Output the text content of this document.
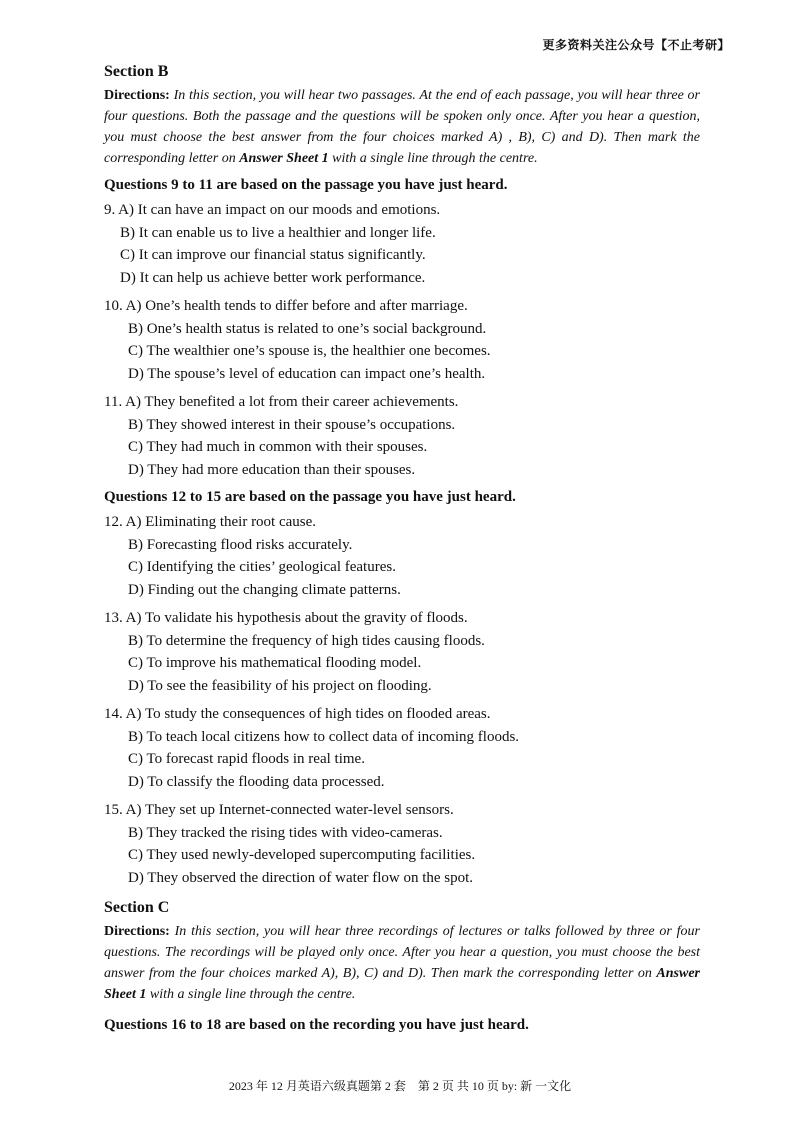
更多资料关注公众号【不止考研】
Section B

Directions: In this section, you will hear two passages. At the end of each passage, you will hear three or four questions. Both the passage and the questions will be spoken only once. After you hear a question, you must choose the best answer from the four choices marked A) , B), C) and D). Then mark the corresponding letter on Answer Sheet 1 with a single line through the centre.

Questions 9 to 11 are based on the passage you have just heard.
9. A) It can have an impact on our moods and emotions.
B) It can enable us to live a healthier and longer life.
C) It can improve our financial status significantly.
D) It can help us achieve better work performance.
10. A) One’s health tends to differ before and after marriage.
B) One’s health status is related to one’s social background.
C) The wealthier one’s spouse is, the healthier one becomes.
D) The spouse’s level of education can impact one’s health.
11. A) They benefited a lot from their career achievements.
B) They showed interest in their spouse’s occupations.
C) They had much in common with their spouses.
D) They had more education than their spouses.
Questions 12 to 15 are based on the passage you have just heard.
12. A) Eliminating their root cause.
B) Forecasting flood risks accurately.
C) Identifying the cities’ geological features.
D) Finding out the changing climate patterns.
13. A) To validate his hypothesis about the gravity of floods.
B) To determine the frequency of high tides causing floods.
C) To improve his mathematical flooding model.
D) To see the feasibility of his project on flooding.
14. A) To study the consequences of high tides on flooded areas.
B) To teach local citizens how to collect data of incoming floods.
C) To forecast rapid floods in real time.
D) To classify the flooding data processed.
15. A) They set up Internet-connected water-level sensors.
B) They tracked the rising tides with video-cameras.
C) They used newly-developed supercomputing facilities.
D) They observed the direction of water flow on the spot.
Section C

Directions: In this section, you will hear three recordings of lectures or talks followed by three or four questions. The recordings will be played only once. After you hear a question, you must choose the best answer from the four choices marked A), B), C) and D). Then mark the corresponding letter on Answer Sheet 1 with a single line through the centre.

Questions 16 to 18 are based on the recording you have just heard.
2023 年 12 月英语六级真题第 2 套　第 2 页 共 10 页 by: 新 一文化
